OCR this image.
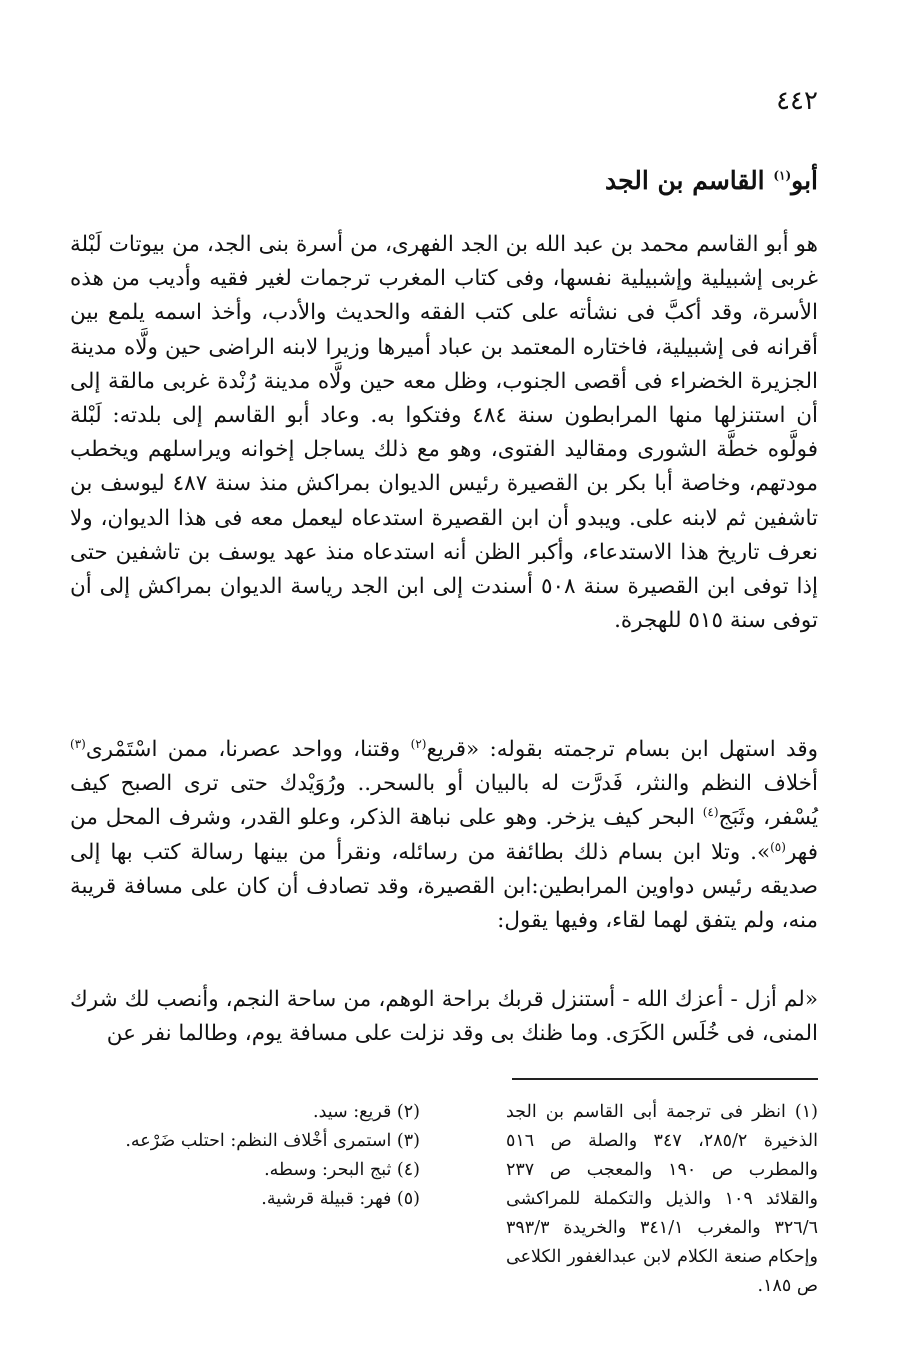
٤٤٢
أبو$^{(١)}$ القاسم بن الجد

هو أبو القاسم محمد بن عبد الله بن الجد الفهرى، من أسرة بنى الجد، من بيوتات لَبْلة غربى إشبيلية وإشبيلية نفسها، وفى كتاب المغرب ترجمات لغير فقيه وأديب من هذه الأسرة، وقد أكبَّ فى نشأته على كتب الفقه والحديث والأدب، وأخذ اسمه يلمع بين أقرانه فى إشبيلية، فاختاره المعتمد بن عباد أميرها وزيرا لابنه الراضى حين ولَّاه مدينة الجزيرة الخضراء فى أقصى الجنوب، وظل معه حين ولَّاه مدينة رُنْدة غربى مالقة إلى أن استنزلها منها المرابطون سنة ٤٨٤ وفتكوا به. وعاد أبو القاسم إلى بلدته: لَبْلة فولَّوه خطَّة الشورى ومقاليد الفتوى، وهو مع ذلك يساجل إخوانه ويراسلهم ويخطب مودتهم، وخاصة أبا بكر بن القصيرة رئيس الديوان بمراكش منذ سنة ٤٨٧ ليوسف بن تاشفين ثم لابنه على. ويبدو أن ابن القصيرة استدعاه ليعمل معه فى هذا الديوان، ولا نعرف تاريخ هذا الاستدعاء، وأكبر الظن أنه استدعاه منذ عهد يوسف بن تاشفين حتى إذا توفى ابن القصيرة سنة ٥٠٨ أسندت إلى ابن الجد رياسة الديوان بمراكش إلى أن توفى سنة ٥١٥ للهجرة.

وقد استهل ابن بسام ترجمته بقوله: «قريع$^{(٢)}$ وقتنا، وواحد عصرنا، ممن اسْتَمْرى$^{(٣)}$ أخلاف النظم والنثر، فَدرَّت له بالبيان أو بالسحر.. ورُوَيْدك حتى ترى الصبح كيف يُسْفر، وثَبَج$^{(٤)}$ البحر كيف يزخر. وهو على نباهة الذكر، وعلو القدر، وشرف المحل من فهر$^{(٥)}$». وتلا ابن بسام ذلك بطائفة من رسائله، ونقرأ من بينها رسالة كتب بها إلى صديقه رئيس دواوين المرابطين:ابن القصيرة، وقد تصادف أن كان على مسافة قريبة منه، ولم يتفق لهما لقاء، وفيها يقول:

«لم أزل - أعزك الله - أستنزل قربك براحة الوهم، من ساحة النجم، وأنصب لك شرك المنى، فى خُلَس الكَرَى. وما ظنك بى وقد نزلت على مسافة يوم، وطالما نفر عن

(١) انظر فى ترجمة أبى القاسم بن الجد الذخيرة ٢٨٥/٢، ٣٤٧ والصلة ص ٥١٦ والمطرب ص ١٩٠ والمعجب ص ٢٣٧ والقلائد ١٠٩ والذيل والتكملة للمراكشى ٣٢٦/٦ والمغرب ٣٤١/١ والخريدة ٣٩٣/٣ وإحكام صنعة الكلام لابن عبدالغفور الكلاعى ص ١٨٥.

(٢) قريع: سيد.
(٣) استمرى أخْلاف النظم: احتلب ضَرْعه.
(٤) ثبج البحر: وسطه.
(٥) فهر: قبيلة قرشية.
